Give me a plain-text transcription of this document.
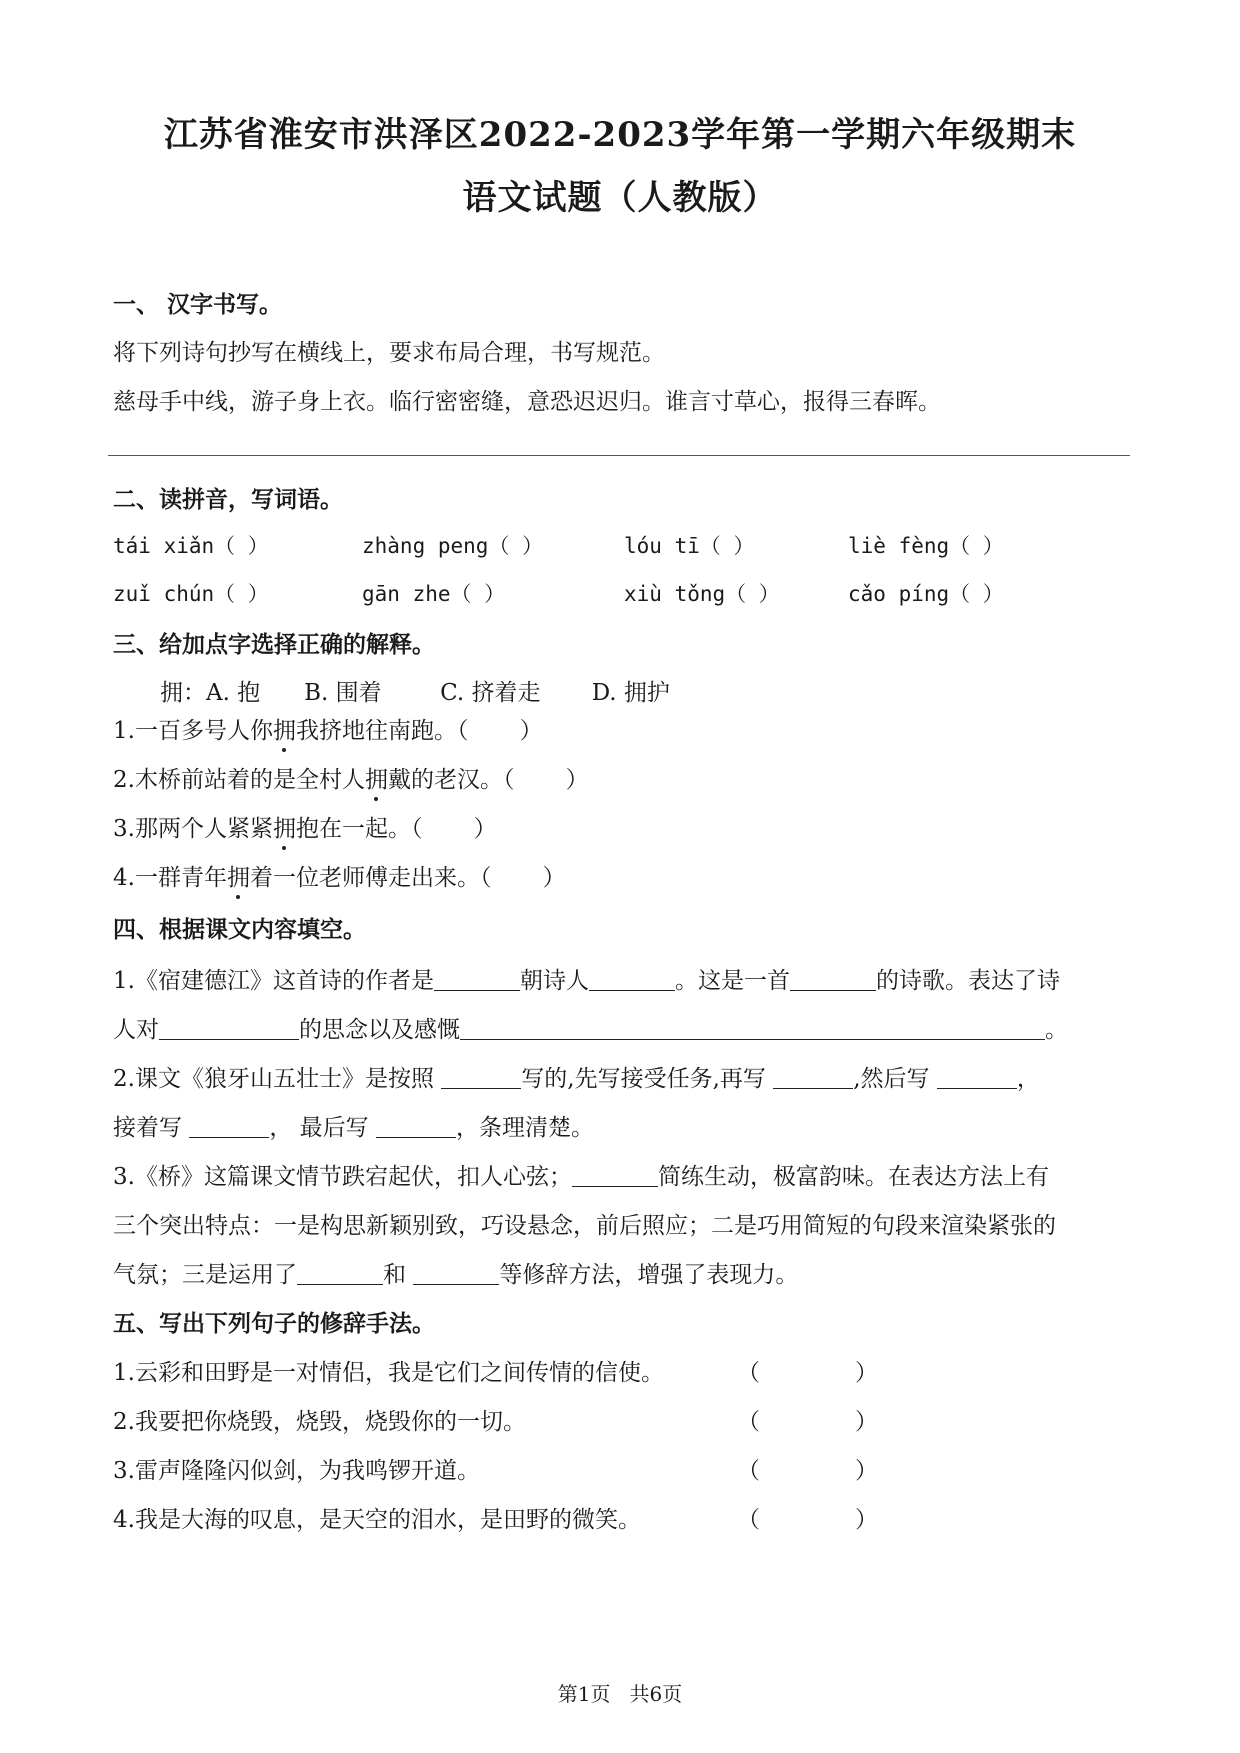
江苏省淮安市洪泽区2022-2023学年第一学期六年级期末
语文试题（人教版）
一、 汉字书写。
将下列诗句抄写在横线上，要求布局合理，书写规范。
慈母手中线，游子身上衣。临行密密缝，意恐迟迟归。谁言寸草心，报得三春晖。
二、读拼音，写词语。
tái xiǎn（ ）	zhàng peng（ ）	lóu tī（ ）	liè fèng（ ）
zuǐ chún（ ）	gān zhe（ ）	xiù tǒng（ ）	cǎo píng（ ）
三、给加点字选择正确的解释。
拥：A. 抱      B. 围着        C. 挤着走       D. 拥护
1.一百多号人你拥我挤地往南跑。（       ）
2.木桥前站着的是全村人拥戴的老汉。（       ）
3.那两个人紧紧拥抱在一起。（       ）
4.一群青年拥着一位老师傅走出来。（       ）
四、根据课文内容填空。
1.《宿建德江》这首诗的作者是	朝诗人	。这是一首	的诗歌。表达了诗
人对	的思念以及感慨	。
2.课文《狼牙山五壮士》是按照	写的,先写接受任务,再写	,然后写	，
接着写	， 最后写	，条理清楚。
3.《桥》这篇课文情节跌宕起伏，扣人心弦；	简练生动，极富韵味。在表达方法上有
三个突出特点：一是构思新颖别致，巧设悬念，前后照应；二是巧用简短的句段来渲染紧张的
气氛；三是运用了	和	等修辞方法，增强了表现力。
五、写出下列句子的修辞手法。
1.云彩和田野是一对情侣，我是它们之间传情的信使。	（             ）
2.我要把你烧毁，烧毁，烧毁你的一切。	（             ）
3.雷声隆隆闪似剑，为我鸣锣开道。	（             ）
4.我是大海的叹息，是天空的泪水，是田野的微笑。	（             ）
第1页   共6页
